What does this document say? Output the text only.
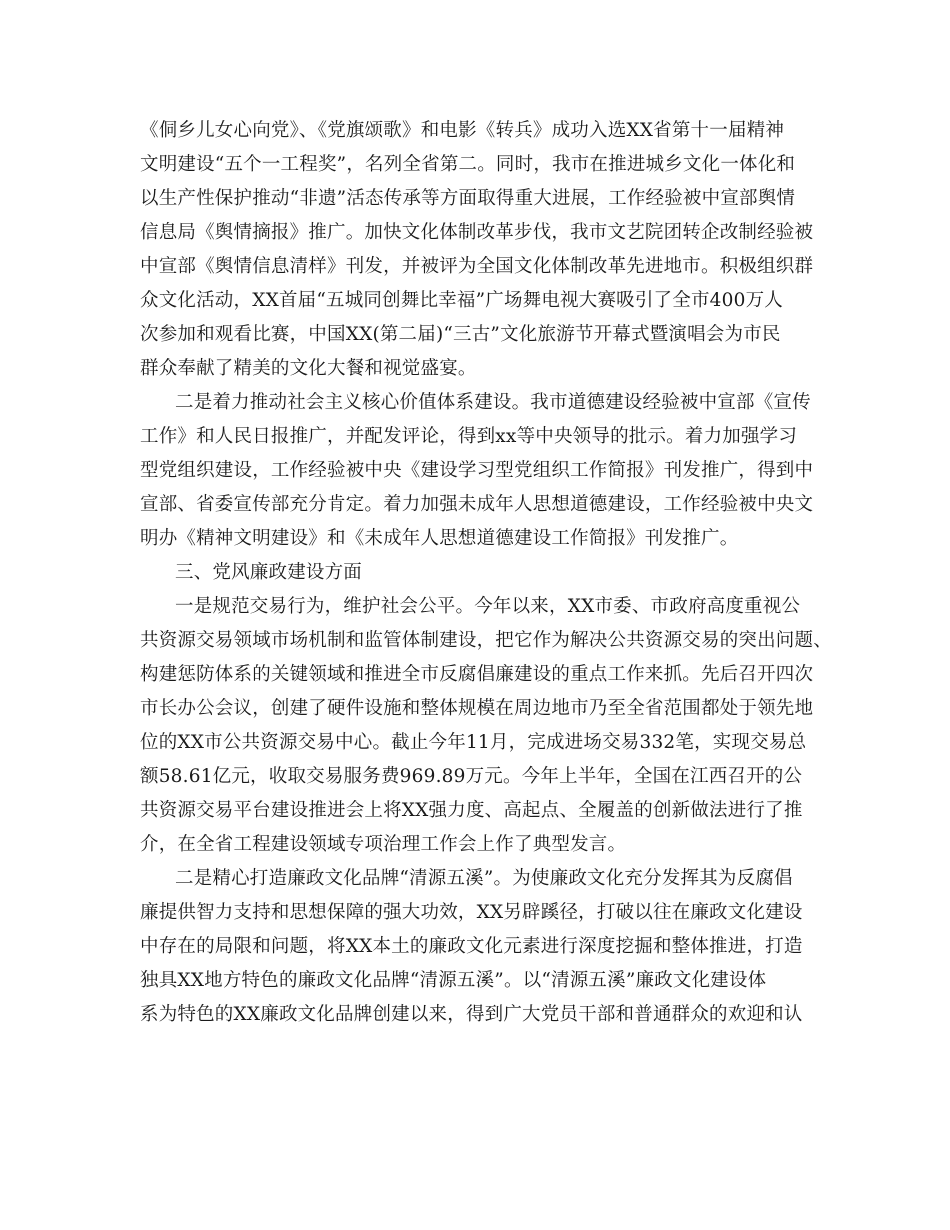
《侗乡儿女心向党》、《党旗颂歌》和电影《转兵》成功入选XX省第十一届精神
文明建设“五个一工程奖”，名列全省第二。同时，我市在推进城乡文化一体化和
以生产性保护推动“非遗”活态传承等方面取得重大进展，工作经验被中宣部舆情
信息局《舆情摘报》推广。加快文化体制改革步伐，我市文艺院团转企改制经验被
中宣部《舆情信息清样》刊发，并被评为全国文化体制改革先进地市。积极组织群
众文化活动，XX首届“五城同创舞比幸福”广场舞电视大赛吸引了全市400万人
次参加和观看比赛，中国XX(第二届)“三古”文化旅游节开幕式暨演唱会为市民
群众奉献了精美的文化大餐和视觉盛宴。
二是着力推动社会主义核心价值体系建设。我市道德建设经验被中宣部《宣传
工作》和人民日报推广，并配发评论，得到xx等中央领导的批示。着力加强学习
型党组织建设，工作经验被中央《建设学习型党组织工作简报》刊发推广，得到中
宣部、省委宣传部充分肯定。着力加强未成年人思想道德建设，工作经验被中央文
明办《精神文明建设》和《未成年人思想道德建设工作简报》刊发推广。
三、党风廉政建设方面
一是规范交易行为，维护社会公平。今年以来，XX市委、市政府高度重视公
共资源交易领域市场机制和监管体制建设，把它作为解决公共资源交易的突出问题、
构建惩防体系的关键领域和推进全市反腐倡廉建设的重点工作来抓。先后召开四次
市长办公会议，创建了硬件设施和整体规模在周边地市乃至全省范围都处于领先地
位的XX市公共资源交易中心。截止今年11月，完成进场交易332笔，实现交易总
额58.61亿元，收取交易服务费969.89万元。今年上半年，全国在江西召开的公
共资源交易平台建设推进会上将XX强力度、高起点、全履盖的创新做法进行了推
介，在全省工程建设领域专项治理工作会上作了典型发言。
二是精心打造廉政文化品牌“清源五溪”。为使廉政文化充分发挥其为反腐倡
廉提供智力支持和思想保障的强大功效，XX另辟蹊径，打破以往在廉政文化建设
中存在的局限和问题，将XX本土的廉政文化元素进行深度挖掘和整体推进，打造
独具XX地方特色的廉政文化品牌“清源五溪”。以“清源五溪”廉政文化建设体
系为特色的XX廉政文化品牌创建以来，得到广大党员干部和普通群众的欢迎和认
